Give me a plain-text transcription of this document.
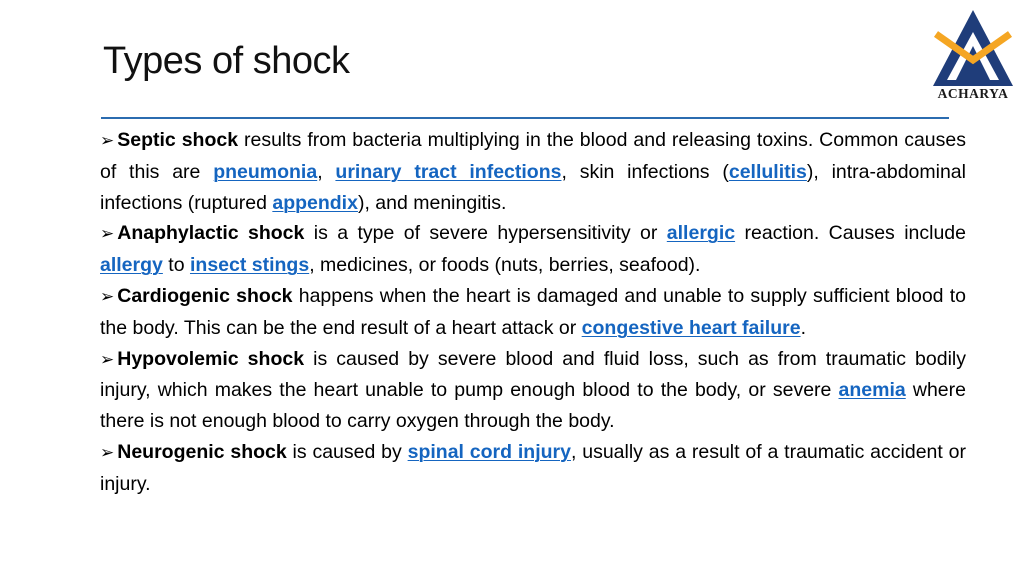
Types of shock
ACHARYA

➢ Septic shock results from bacteria multiplying in the blood and releasing toxins. Common causes of this are pneumonia, urinary tract infections, skin infections (cellulitis), intra-abdominal infections (ruptured appendix), and meningitis.

➢ Anaphylactic shock is a type of severe hypersensitivity or allergic reaction. Causes include allergy to insect stings, medicines, or foods (nuts, berries, seafood).

➢ Cardiogenic shock happens when the heart is damaged and unable to supply sufficient blood to the body. This can be the end result of a heart attack or congestive heart failure.

➢ Hypovolemic shock is caused by severe blood and fluid loss, such as from traumatic bodily injury, which makes the heart unable to pump enough blood to the body, or severe anemia where there is not enough blood to carry oxygen through the body.

➢ Neurogenic shock is caused by spinal cord injury, usually as a result of a traumatic accident or injury.
